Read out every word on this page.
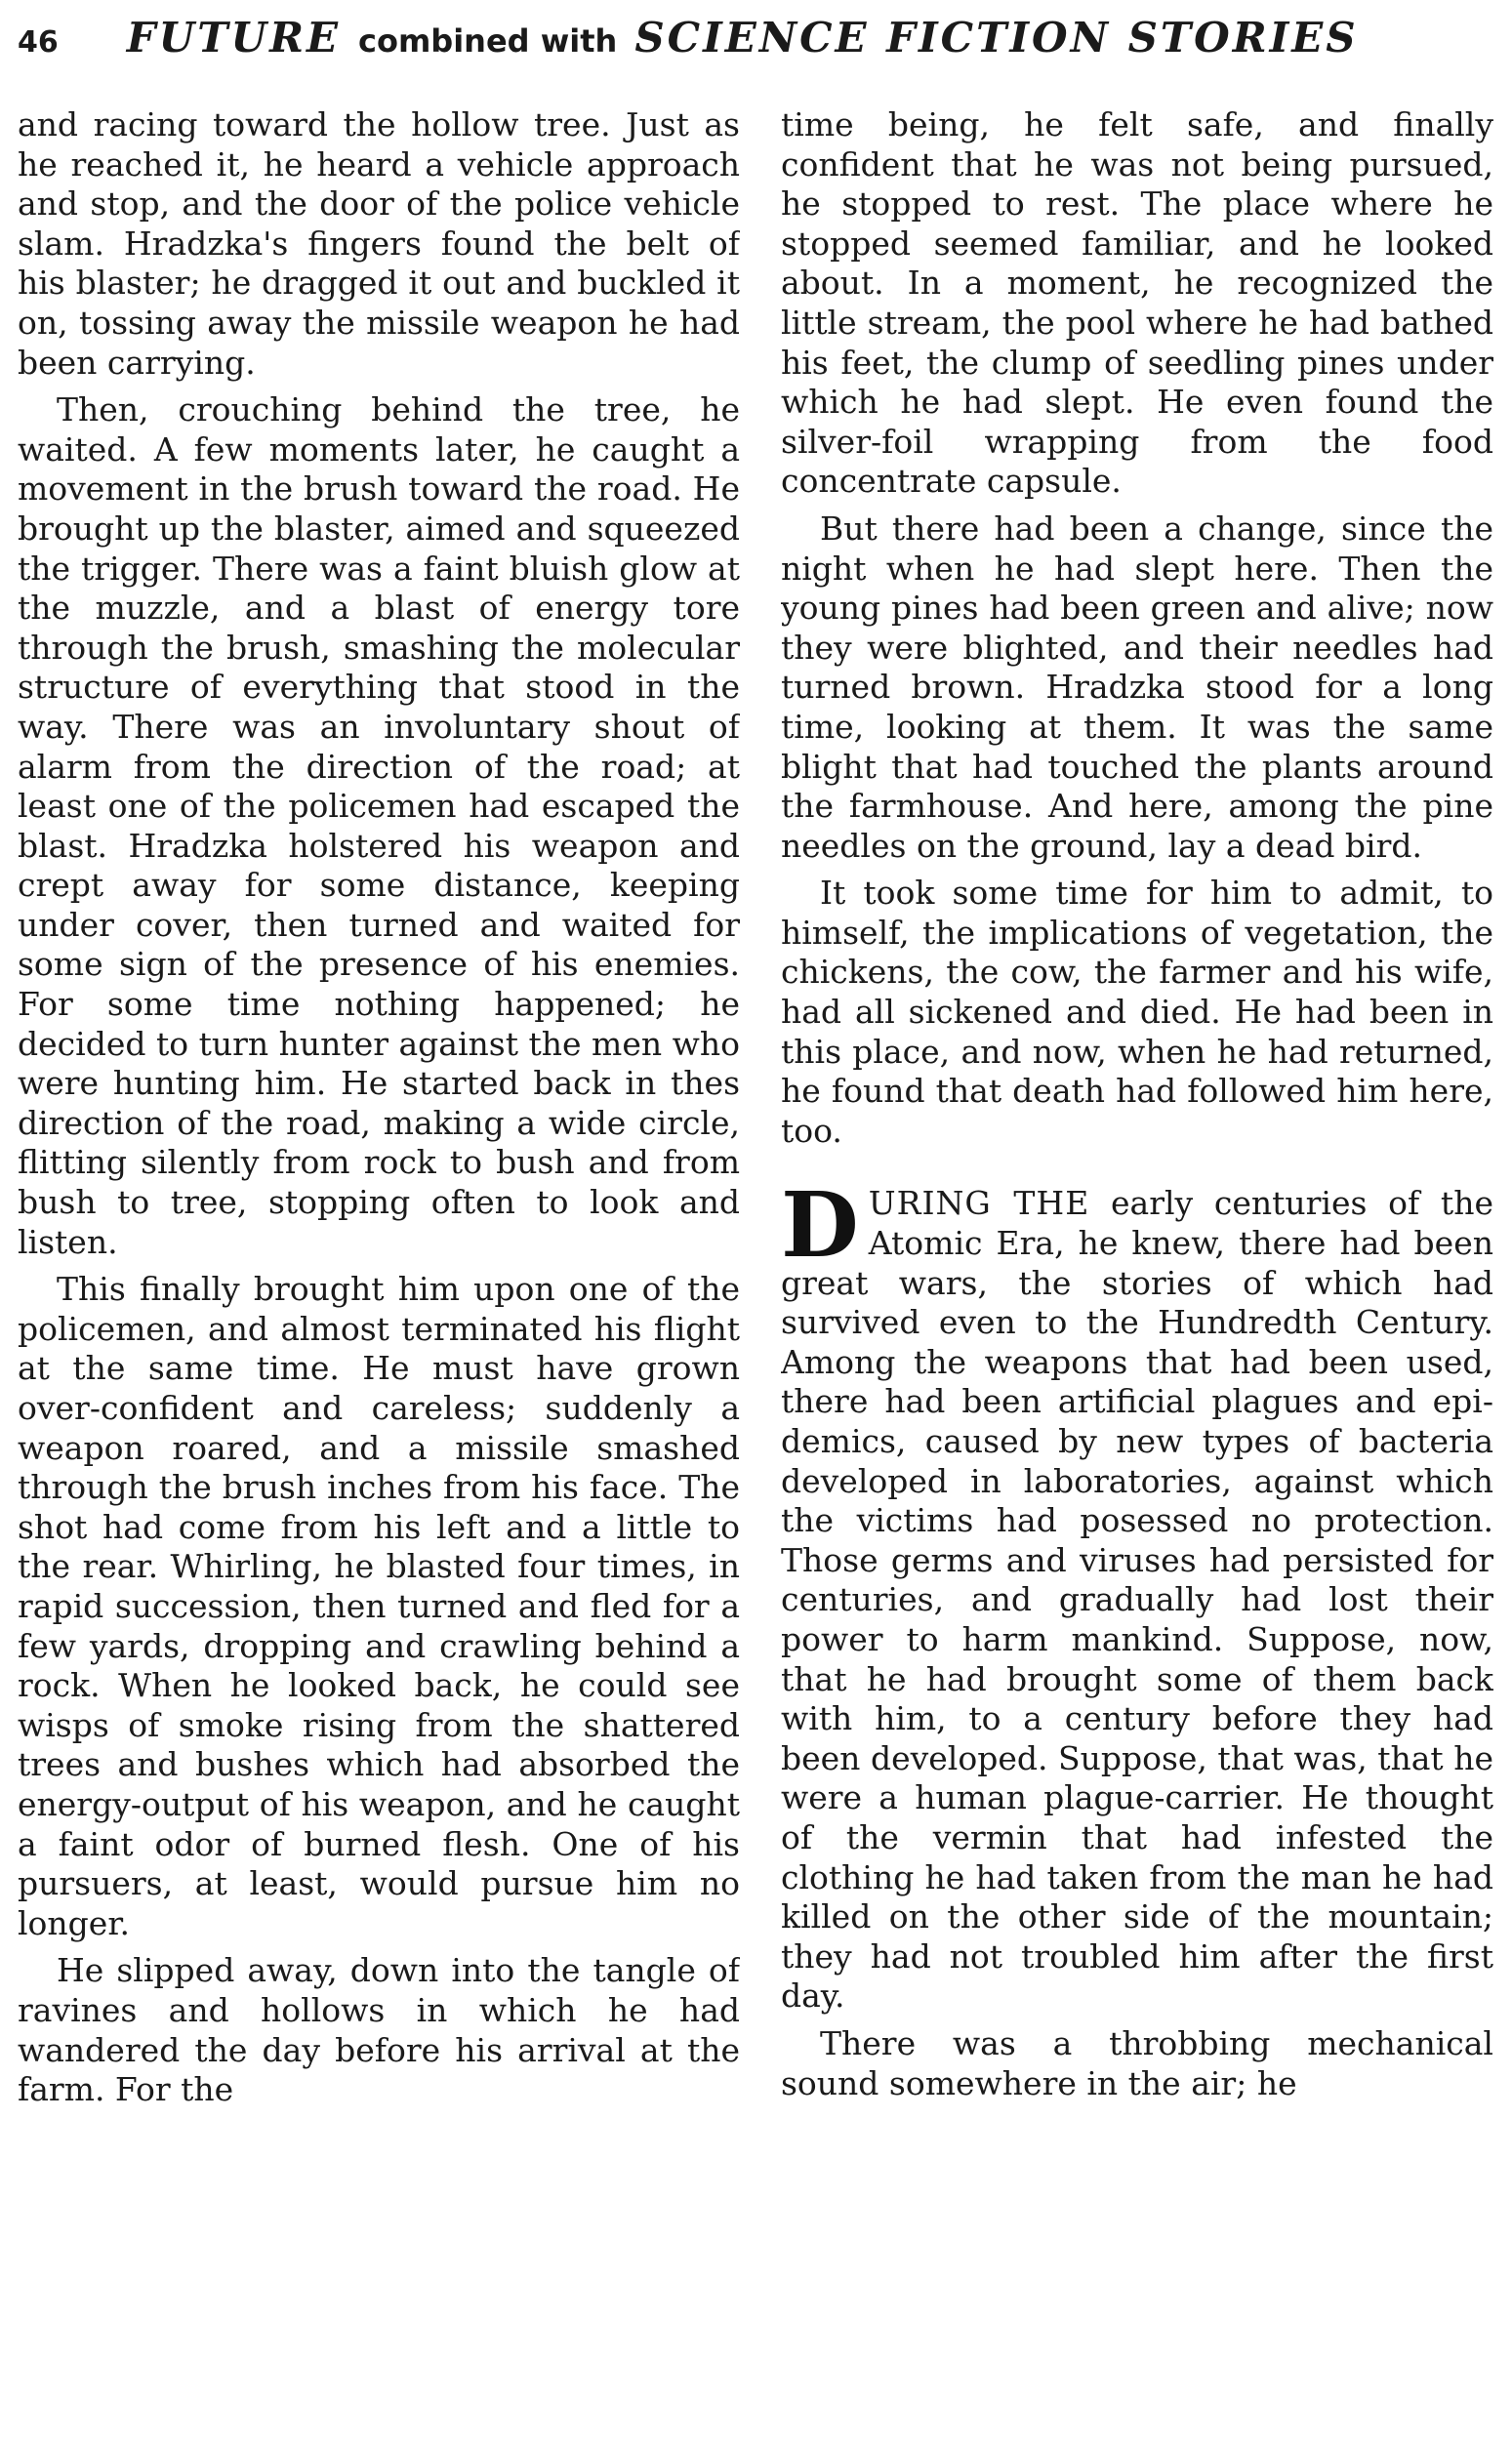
46 FUTURE combined with SCIENCE FICTION STORIES

and racing toward the hollow tree. Just as he reached it, he heard a vehicle approach and stop, and the door of the police vehicle slam. Hradzka's fingers found the belt of his blaster; he dragged it out and buckled it on, tossing away the missile weapon he had been carrying.

Then, crouching behind the tree, he waited. A few moments later, he caught a movement in the brush toward the road. He brought up the blaster, aimed and squeezed the trigger. There was a faint bluish glow at the muzzle, and a blast of energy tore through the brush, smashing the molecular structure of everything that stood in the way. There was an involuntary shout of alarm from the direction of the road; at least one of the policemen had escaped the blast. Hradzka holstered his weapon and crept away for some distance, keeping under cover, then turned and waited for some sign of the presence of his enemies. For some time nothing happened; he decided to turn hunter against the men who were hunting him. He started back in thes direction of the road, making a wide circle, flitting silently from rock to bush and from bush to tree, stopping often to look and listen.

This finally brought him upon one of the policemen, and almost terminated his flight at the same time. He must have grown over-confident and careless; suddenly a weapon roared, and a missile smashed through the brush inches from his face. The shot had come from his left and a little to the rear. Whirling, he blasted four times, in rapid succession, then turned and fled for a few yards, dropping and crawling behind a rock. When he looked back, he could see wisps of smoke rising from the shattered trees and bushes which had absorbed the energy-output of his weapon, and he caught a faint odor of burned flesh. One of his pursuers, at least, would pursue him no longer.

He slipped away, down into the tangle of ravines and hollows in which he had wandered the day before his arrival at the farm. For the

time being, he felt safe, and finally confident that he was not being pursued, he stopped to rest. The place where he stopped seemed familiar, and he looked about. In a moment, he recognized the little stream, the pool where he had bathed his feet, the clump of seedling pines under which he had slept. He even found the silver-foil wrapping from the food concentrate capsule.

But there had been a change, since the night when he had slept here. Then the young pines had been green and alive; now they were blighted, and their needles had turned brown. Hradzka stood for a long time, looking at them. It was the same blight that had touched the plants around the farmhouse. And here, among the pine needles on the ground, lay a dead bird.

It took some time for him to admit, to himself, the implications of vegetation, the chickens, the cow, the farmer and his wife, had all sickened and died. He had been in this place, and now, when he had returned, he found that death had followed him here, too.

DURING THE early centuries of the Atomic Era, he knew, there had been great wars, the stories of which had survived even to the Hundredth Century. Among the weapons that had been used, there had been artificial plagues and epidemics, caused by new types of bacteria developed in laboratories, against which the victims had posessed no protection. Those germs and viruses had persisted for centuries, and gradually had lost their power to harm mankind. Suppose, now, that he had brought some of them back with him, to a century before they had been developed. Suppose, that was, that he were a human plague-carrier. He thought of the vermin that had infested the clothing he had taken from the man he had killed on the other side of the mountain; they had not troubled him after the first day.

There was a throbbing mechanical sound somewhere in the air; he
